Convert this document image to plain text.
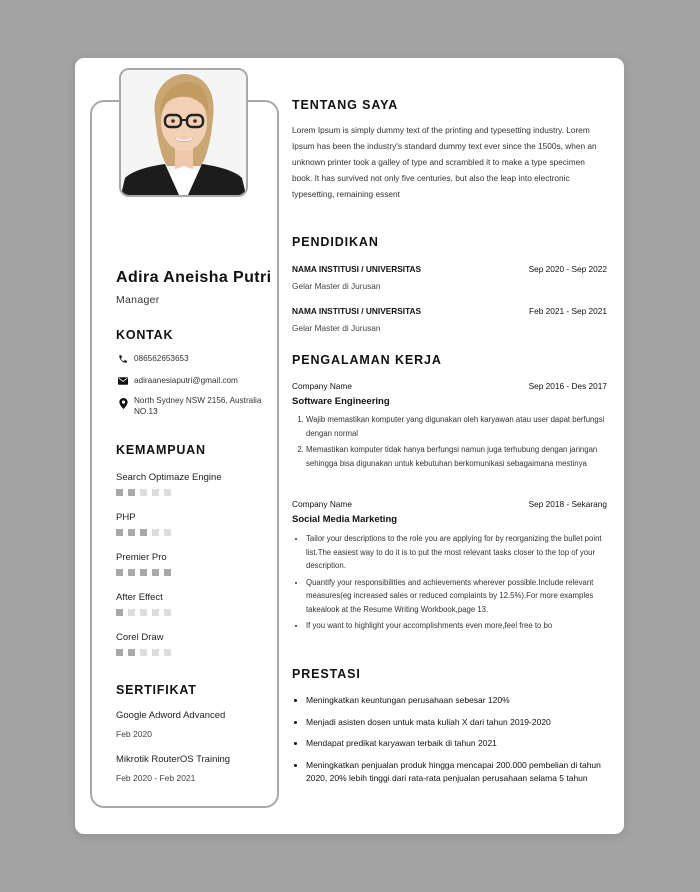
Adira Aneisha Putri
Manager
KONTAK
086562653653
adiraanesiaputri@gmail.com
North Sydney NSW 2156, Australia NO.13
KEMAMPUAN
Search Optimaze Engine
PHP
Premier Pro
After Effect
Corel Draw
SERTIFIKAT
Google Adword Advanced
Feb 2020
Mikrotik RouterOS Training
Feb 2020 - Feb 2021
TENTANG SAYA
Lorem Ipsum is simply dummy text of the printing and typesetting industry. Lorem Ipsum has been the industry's standard dummy text ever since the 1500s, when an unknown printer took a galley of type and scrambled it to make a type specimen book. It has survived not only five centuries, but also the leap into electronic typesetting, remaining essent
PENDIDIKAN
NAMA INSTITUSI / UNIVERSITAS	Sep 2020 - Sep 2022
Gelar Master di Jurusan
NAMA INSTITUSI / UNIVERSITAS	Feb 2021 - Sep 2021
Gelar Master di Jurusan
PENGALAMAN KERJA
Company Name	Sep 2016 - Des 2017
Software Engineering
1. Wajib memastikan komputer yang digunakan oleh karyawan atau user dapat berfungsi dengan normal
2. Memastikan komputer tidak hanya berfungsi namun juga terhubung dengan jaringan sehingga bisa digunakan untuk kebutuhan berkomunikasi sebagaimana mestinya
Company Name	Sep 2018 - Sekarang
Social Media Marketing
• Tailor your descriptions to the role you are applying for by reorganizing the bullet point list.The easiest way to do it is to put the most relevant tasks closer to the top of your description.
• Quantify your responsibilities and achievements wherever possible.Include relevant measures(eg increased sales or reduced complaints by 12.5%).For more examples takealook at the Resume Writing Workbook,page 13.
• If you want to highlight your accomplishments even more,feel free to bo
PRESTASI
• Meningkatkan keuntungan perusahaan sebesar 120%
• Menjadi asisten dosen untuk mata kuliah X dari tahun 2019-2020
• Mendapat predikat karyawan terbaik di tahun 2021
• Meningkatkan penjualan produk hingga mencapai 200.000 pembelian di tahun 2020, 20% lebih tinggi dari rata-rata penjualan perusahaan selama 5 tahun
